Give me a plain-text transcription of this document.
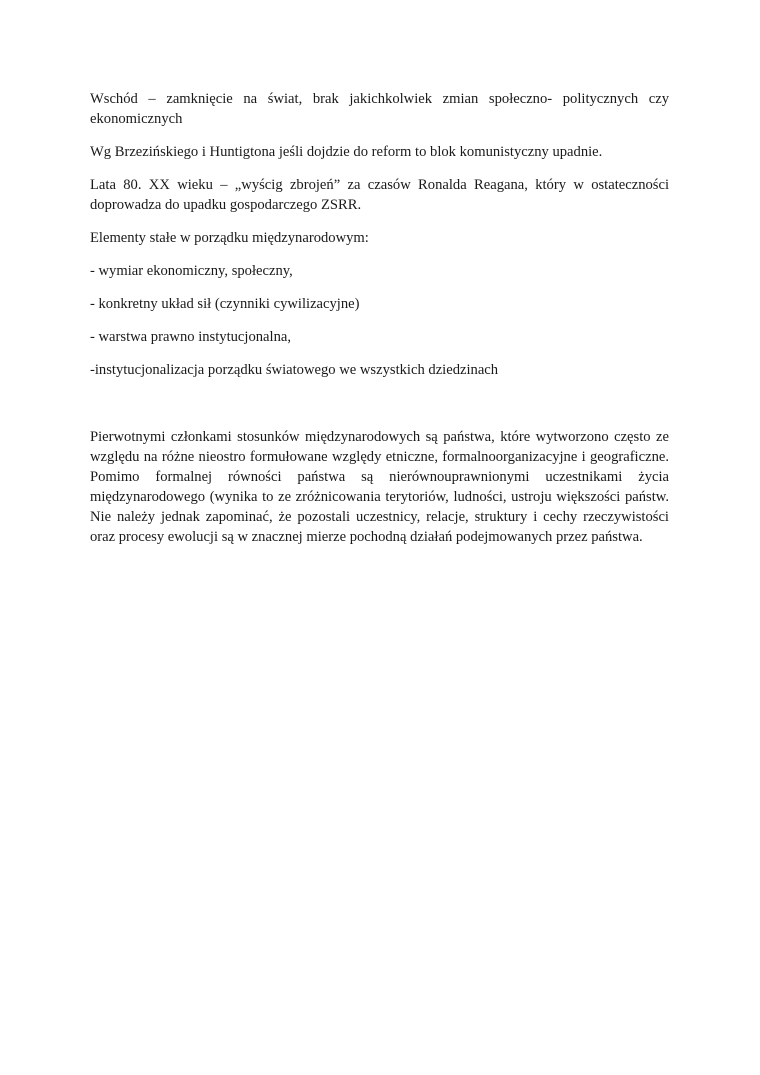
Wschód – zamknięcie na świat, brak jakichkolwiek zmian społeczno- politycznych czy ekonomicznych

Wg Brzezińskiego i Huntigtona jeśli dojdzie do reform to blok komunistyczny upadnie.

Lata 80. XX wieku – „wyścig zbrojeń” za czasów Ronalda Reagana, który w ostateczności doprowadza do upadku gospodarczego ZSRR.

Elementy stałe w porządku międzynarodowym:

- wymiar ekonomiczny, społeczny,

- konkretny układ sił (czynniki cywilizacyjne)

- warstwa prawno instytucjonalna,

-instytucjonalizacja porządku światowego we wszystkich dziedzinach

Pierwotnymi członkami stosunków międzynarodowych są państwa, które wytworzono często ze względu na różne nieostro formułowane względy etniczne, formalnoorganizacyjne i geograficzne. Pomimo formalnej równości państwa są nierównouprawnionymi uczestnikami życia międzynarodowego (wynika to ze zróżnicowania terytoriów, ludności, ustroju większości państw. Nie należy jednak zapominać, że pozostali uczestnicy, relacje, struktury i cechy rzeczywistości oraz procesy ewolucji są w znacznej mierze pochodną działań podejmowanych przez państwa.
